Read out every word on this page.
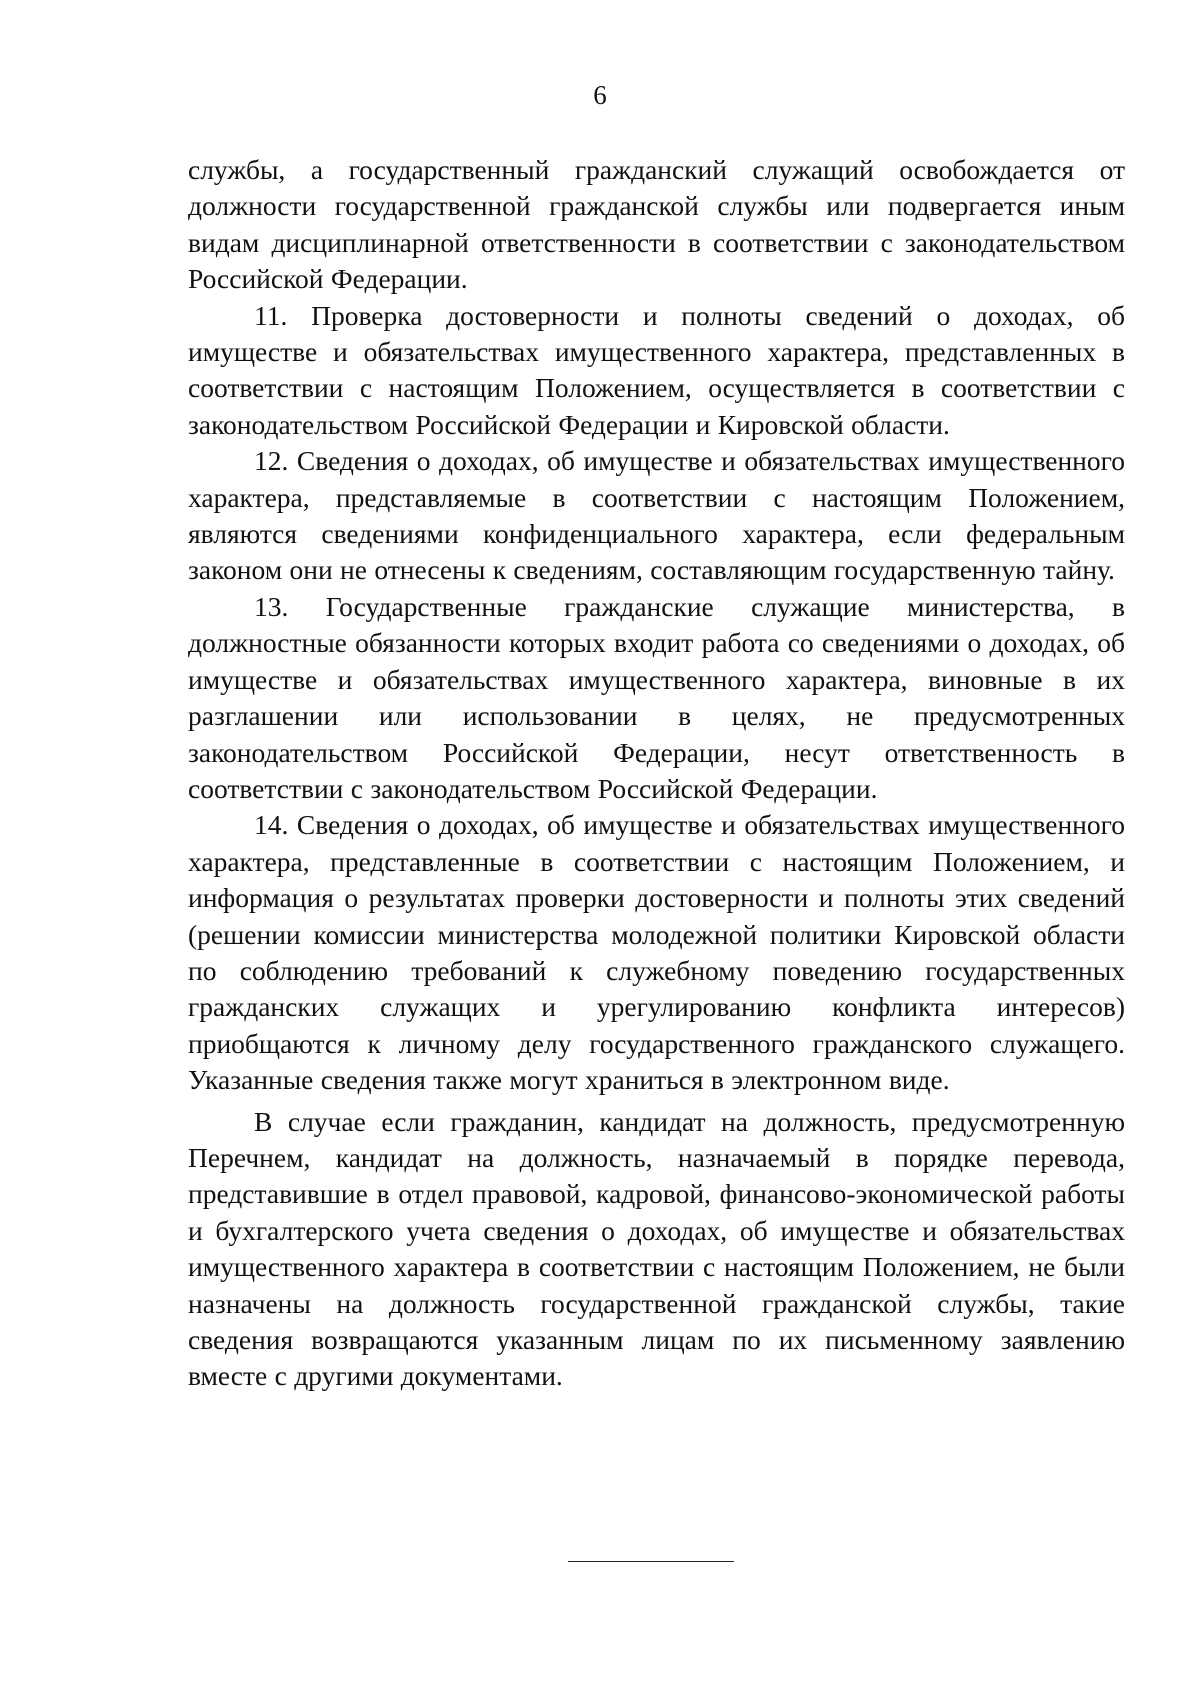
6

службы, а государственный гражданский служащий освобождается от должности государственной гражданской службы или подвергается иным видам дисциплинарной ответственности в соответствии с законодательством Российской Федерации.

11. Проверка достоверности и полноты сведений о доходах, об имуществе и обязательствах имущественного характера, представленных в соответствии с настоящим Положением, осуществляется в соответствии с законодательством Российской Федерации и Кировской области.

12. Сведения о доходах, об имуществе и обязательствах имущественного характера, представляемые в соответствии с настоящим Положением, являются сведениями конфиденциального характера, если федеральным законом они не отнесены к сведениям, составляющим государственную тайну.

13. Государственные гражданские служащие министерства, в должностные обязанности которых входит работа со сведениями о доходах, об имуществе и обязательствах имущественного характера, виновные в их разглашении или использовании в целях, не предусмотренных законодательством Российской Федерации, несут ответственность в соответствии с законодательством Российской Федерации.

14. Сведения о доходах, об имуществе и обязательствах имущественного характера, представленные в соответствии с настоящим Положением, и информация о результатах проверки достоверности и полноты этих сведений (решении комиссии министерства молодежной политики Кировской области по соблюдению требований к служебному поведению государственных гражданских служащих и урегулированию конфликта интересов) приобщаются к личному делу государственного гражданского служащего. Указанные сведения также могут храниться в электронном виде.

В случае если гражданин, кандидат на должность, предусмотренную Перечнем, кандидат на должность, назначаемый в порядке перевода, представившие в отдел правовой, кадровой, финансово-экономической работы и бухгалтерского учета сведения о доходах, об имуществе и обязательствах имущественного характера в соответствии с настоящим Положением, не были назначены на должность государственной гражданской службы, такие сведения возвращаются указанным лицам по их письменному заявлению вместе с другими документами.
